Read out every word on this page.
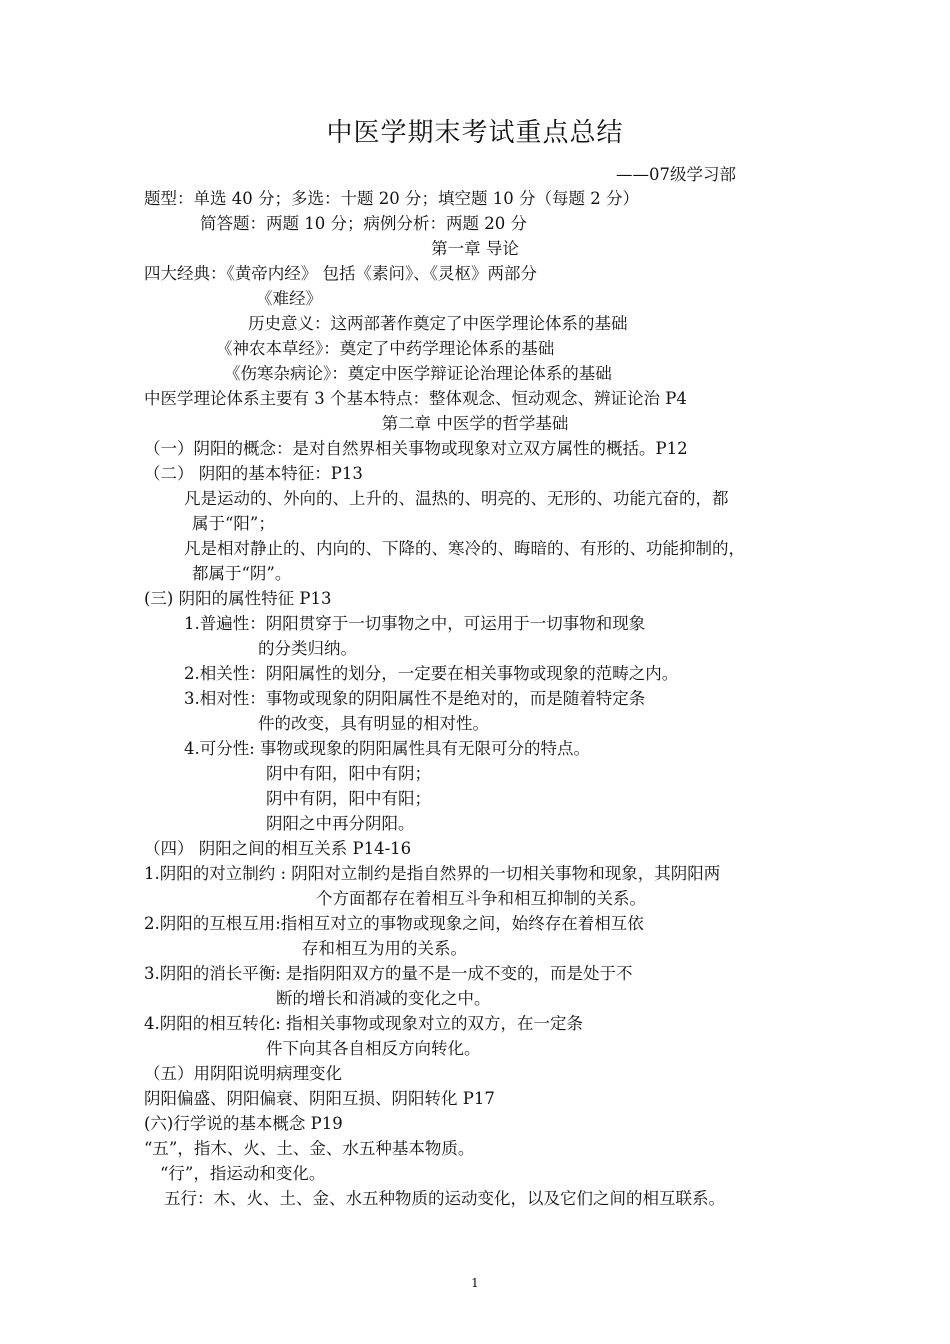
中医学期末考试重点总结
——07级学习部
题型：单选 40 分；多选：十题 20 分；填空题 10 分（每题 2 分）
简答题：两题 10 分；病例分析：两题 20 分
第一章 导论
四大经典：《黄帝内经》 包括《素问》、《灵枢》两部分
《难经》
历史意义：这两部著作奠定了中医学理论体系的基础
《神农本草经》：奠定了中药学理论体系的基础
《伤寒杂病论》：奠定中医学辩证论治理论体系的基础
中医学理论体系主要有 3 个基本特点：整体观念、恒动观念、辨证论治 P4
第二章 中医学的哲学基础
（一）阴阳的概念：是对自然界相关事物或现象对立双方属性的概括。P12
（二） 阴阳的基本特征：P13
凡是运动的、外向的、上升的、温热的、明亮的、无形的、功能亢奋的，都
属于“阳”；
凡是相对静止的、内向的、下降的、寒冷的、晦暗的、有形的、功能抑制的，
都属于“阴”。
(三) 阴阳的属性特征 P13
1.普遍性：阴阳贯穿于一切事物之中，可运用于一切事物和现象
的分类归纳。
2.相关性：阴阳属性的划分，一定要在相关事物或现象的范畴之内。
3.相对性：事物或现象的阴阳属性不是绝对的，而是随着特定条
件的改变，具有明显的相对性。
4.可分性: 事物或现象的阴阳属性具有无限可分的特点。
阴中有阳，阳中有阴；
阴中有阴，阳中有阳；
阴阳之中再分阴阳。
（四） 阴阳之间的相互关系 P14-16
1.阴阳的对立制约 : 阴阳对立制约是指自然界的一切相关事物和现象，其阴阳两
个方面都存在着相互斗争和相互抑制的关系。
2.阴阳的互根互用:指相互对立的事物或现象之间，始终存在着相互依
存和相互为用的关系。
3.阴阳的消长平衡: 是指阴阳双方的量不是一成不变的，而是处于不
断的增长和消减的变化之中。
4.阴阳的相互转化: 指相关事物或现象对立的双方，在一定条
件下向其各自相反方向转化。
（五）用阴阳说明病理变化
阴阳偏盛、阴阳偏衰、阴阳互损、阴阳转化 P17
(六)行学说的基本概念 P19
“五”，指木、火、土、金、水五种基本物质。
“行”，指运动和变化。
五行：木、火、土、金、水五种物质的运动变化，以及它们之间的相互联系。
1
